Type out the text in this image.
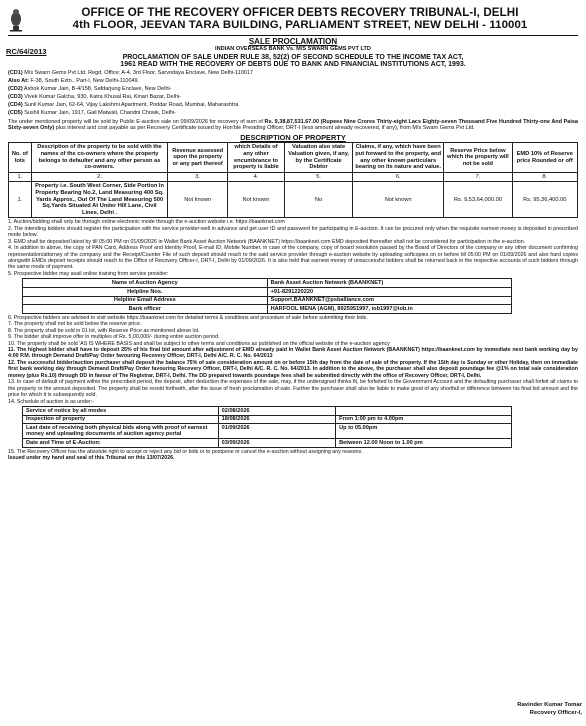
OFFICE OF THE RECOVERY OFFICER DEBTS RECOVERY TRIBUNAL-I, DELHI
4th FLOOR, JEEVAN TARA BUILDING, PARLIAMENT STREET, NEW DELHI - 110001
RC/64/2013
SALE PROCLAMATION
INDIAN OVERSEAS BANK Vs. M/S SWARN GEMS PVT LTD
PROCLAMATION OF SALE UNDER RULE 38, 52(2) OF SECOND SCHEDULE TO THE INCOME TAX ACT,
1961 READ WITH THE RECOVERY OF DEBTS DUE TO BANK AND FINANCIAL INSTITUTIONS ACT, 1993.
(CD1) M/s Swarn Gems Pvt Ltd. Regd. Office: A-4, 3rd Floor, Sarvodaya Enclave, New Delhi-110017
Also At: F-38, South Extn., Part-I, New Delhi-110049.
(CD2) Ashok Kumar Jain, B-4/158, Safdarjung Enclave, New Delhi-
(CD3) Vivek Kumar Galcha, 930, Katra Khusal Rai, Kinari Bazar, Delhi-
(CD4) Sunil Kumar Jain, 62-64, Vijay Lakshmi Apartment, Poddar Road, Mumbai, Maharashtra
(CD5) Sushil Kumar Jain, 1917, Gali Matwali, Chandni Chowk, Delhi-
The under mentioned property will be sold by Public E-auction sale on 09/09/2026 for recovery of sum of Rs. 9,38,87,531.67.00 (Rupees Nine Crores Thirty-eight Lacs Eighty-seven Thousand Five Hundred Thirty-one And Paisa Sixty-seven Only) plus interest and cost payable as per Recovery Certificate issued by Hon'ble Presiding Officer, DRT-I (less amount already recovered, if any), from M/s Swarn Gems Pvt Ltd.
DESCRIPTION OF PROPERTY
No. of lots	Description of the property to be sold with the names of the co-owners where the property belongs to defaulter and any other person as co-owners.	Revenue assessed upon the property or any part thereof	which Details of any other encumbrance to property is liable	Valuation also state Valuation given, if any, by the Certificate Debtor	Claims, if any, which have been put forward to the property, and any other known particulars bearing on its nature and value.	Reserve Price below which the property will not be sold	EMD 10% of Reserve price Rounded or off
1.	2.	3.	4.	5.	6.	7.	8.
1.	Property i.e. South West Corner, Side Portion In Property Bearing No.2, Land Measuring 400 Sq. Yards Approx., Out Of The Land Measuring 500 Sq.Yards Situated At Under Hill Lane, Civil Lines, Delhi .	Not known	Not known	No	Not known	Rs. 9,53,64,000.00	Rs. 95,36,400.00
1. Auction/bidding shall only be through online electronic mode through the e-auction website i.e. https://baanknet.com
2. The intending bidders should register the participation with the service provider-well in advance and get user ID and password for participating in E-auction. It can be procured only when the requisite earnest money is deposited in prescribed mode below.
3. EMD shall be deposited latest by till 05:00 PM on 01/09/2026 in Wallet Bank Asset Auction Network (BAANKNET) https://baanknet.com EMD deposited thereafter shall not be considered for participation in the e-auction.
4. In addition to above, the copy of PAN Card, Address Proof and Identity Proof, E-mail ID, Mobile Number, in case of the company, copy of board resolution passed by the Board of Directors of the company or any other document confirming representation/attorney of the company and the Receipt/Counter File of such deposit should reach to the said service provider through e-auction website by uploading softcopies on or before till 05:00 PM on 01/09/2026 and also hard copies alongwith EMDs deposit receipts should reach to the Office of Recovery Officer-I, DRT-I, Delhi by 01/09/2026. It is also held that earnest money of unsuccessful bidders shall be returned back in the respective accounts of such bidders through the same mode of payment.
5. Prospective bidder may avail online training from service provider:
Name of Auction Agency	Bank Asset Auction Network (BAANKNET)
Helpline Nos.	+91-8291220220
Helpline Email Address	Support.BAANKNET@psballiance.com
Bank officer	HARFOOL MENA (AGM), 8925951997, iob1997@iob.in
6. Prospective bidders are advised to visit website https://baanknet.com for detailed terms & conditions and procedure of sale before submitting their bids.
7. The property shall not be sold below the reserve price.
8. The property shall be sold in 01 lot, with Reserve Price as mentioned above lot.
9. The bidder shall improve offer in multiples of Rs. 5,00,000/- during entire auction period.
10. The property shall be sold 'AS IS WHERE BASIS and shall be subject to other terms and conditions as published on the official website of the e-auction agency
11. The highest bidder shall have to deposit 25% of his final bid amount after adjustment of EMD already paid in Wallet Bank Asset Auction Network (BAANKNET) https://baanknet.com by immediate next bank working day by 4:00 P.M. through Demand Draft/Pay Order favouring Recovery Officer, DRT-I, Delhi A/C. R. C. No. 64/2013
12. The successful bidder/auction purchaser shall deposit the balance 75% of sale consideration amount on or before 15th day from the date of sale of the property. If the 15th day is Sunday or other Holiday, then on immediate first bank working day through Demand Draft/Pay Order favouring Recovery Officer, DRT-I, Delhi A/C. R. C. No. 64/2013. In addition to the above, the purchaser shall also deposit poundage fee @1% on total sale consideration money (plus Rs.10) through DD in favour of The Registrar, DRT-I, Delhi. The DD prepared towards poundage fees shall be submitted directly with the office of Recovery Officer, DRT-I, Delhi.
13. In case of default of payment within the prescribed period, the deposit, after deduction the expenses of the sale, may, if the undersigned thinks fit, be forfeited to the Government Account and the defaulting purchaser shall forfeit all claims to the property or the amount deposited. The property shall be resold forthwith, after the issue of fresh proclamation of sale. Further the purchaser shall also be liable to make good of any shortfall or difference between his final bid amount and the price for which it is subsequently sold.
14. Schedule of auction is as under:-
Service of notice by all modes	02/08/2026	
Inspection of property	18/08/2026	From 1:00 pm to 4.00pm
Last date of receiving both physical bids along with proof of earnest money and uploading documents of auction agency portal	01/09/2026	Up to 05.00pm
Date and Time of E-Auction:	03/09/2026	Between 12.00 Noon to 1.00 pm
15. The Recovery Officer has the absolute right to accept or reject any bid or bids or to postpone or cancel the e-auction without assigning any reasons.
Issued under my hand and seal of this Tribunal on this 13/07/2026.
Ravinder Kumar Tomar
Recovery Officer-I,
